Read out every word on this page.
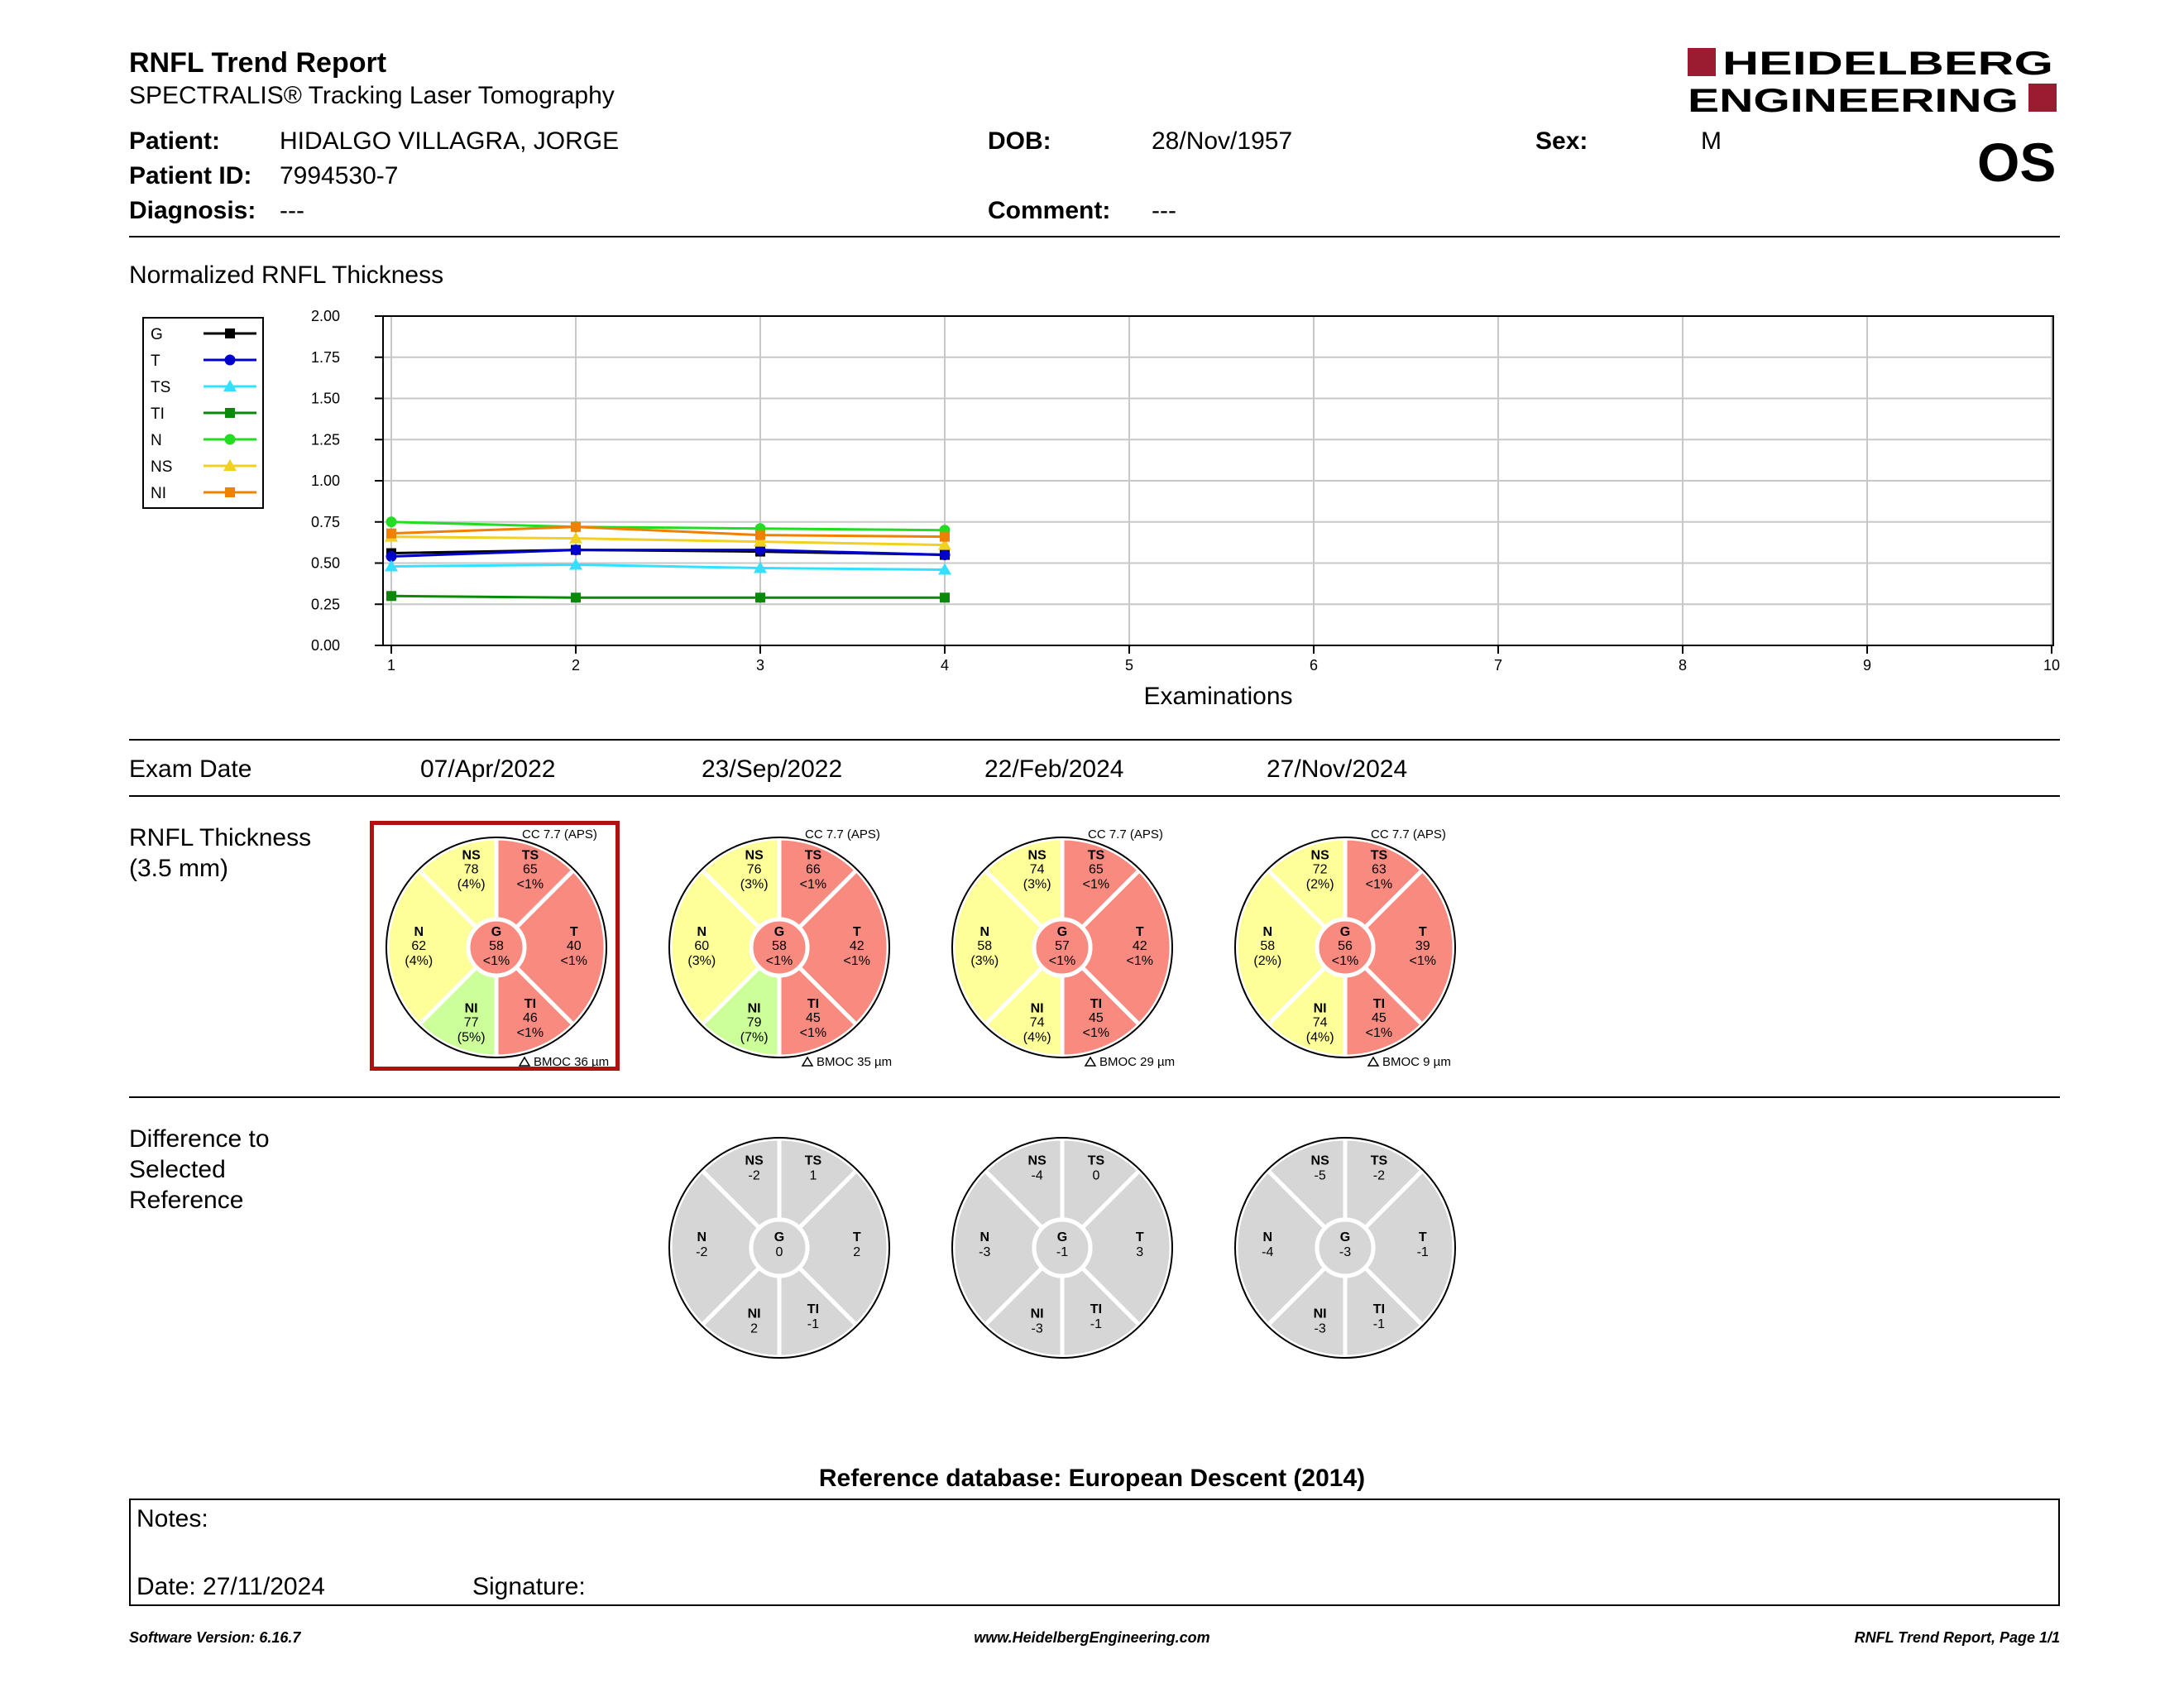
RNFL Trend Report
SPECTRALIS® Tracking Laser Tomography
HEIDELBERG
ENGINEERING
Patient: HIDALGO VILLAGRA, JORGE
Patient ID: 7994530-7
Diagnosis: ---
DOB:	28/Nov/1957
Comment: ---
Sex:	M	OS
Normalized RNFL Thickness
1	2	3	4	5	6	7	8	9	10
0.00
0.25
0.50
0.75
1.00
1.25
1.50
1.75
2.00
Examinations
G
T
TS
TI
N
NS
NI
Exam Date	07/Apr/2022	23/Sep/2022	22/Feb/2024	27/Nov/2024
RNFL Thickness
(3.5 mm)	TS
65
<1%
NS
78
(4%)
N
62
(4%)
NI
77
(5%)
TI
46
<1%
T
40
<1%
G
58
<1%
CC 7.7 (APS)
BMOC 36 µm
TS
66
<1%
NS
76
(3%)
N
60
(3%)
NI
79
(7%)
TI
45
<1%
T
42
<1%
G
58
<1%
CC 7.7 (APS)
BMOC 35 µm
TS
65
<1%
NS
74
(3%)
N
58
(3%)
NI
74
(4%)
TI
45
<1%
T
42
<1%
G
57
<1%
CC 7.7 (APS)
BMOC 29 µm
TS
63
<1%
NS
72
(2%)
N
58
(2%)
NI
74
(4%)
TI
45
<1%
T
39
<1%
G
56
<1%
CC 7.7 (APS)
BMOC 9 µm
Difference to
Selected
Reference
TS
1
NS
-2
N
-2
NI
2
TI
-1
T
2
G
0
TS
0
NS
-4
N
-3
NI
-3
TI
-1
T
3
G
-1
TS
-2
NS
-5
N
-4
NI
-3
TI
-1
T
-1
G
-3
Reference database: European Descent (2014)
Notes:
Date: 27/11/2024	Signature:
Software Version: 6.16.7	www.HeidelbergEngineering.com	RNFL Trend Report, Page 1/1
